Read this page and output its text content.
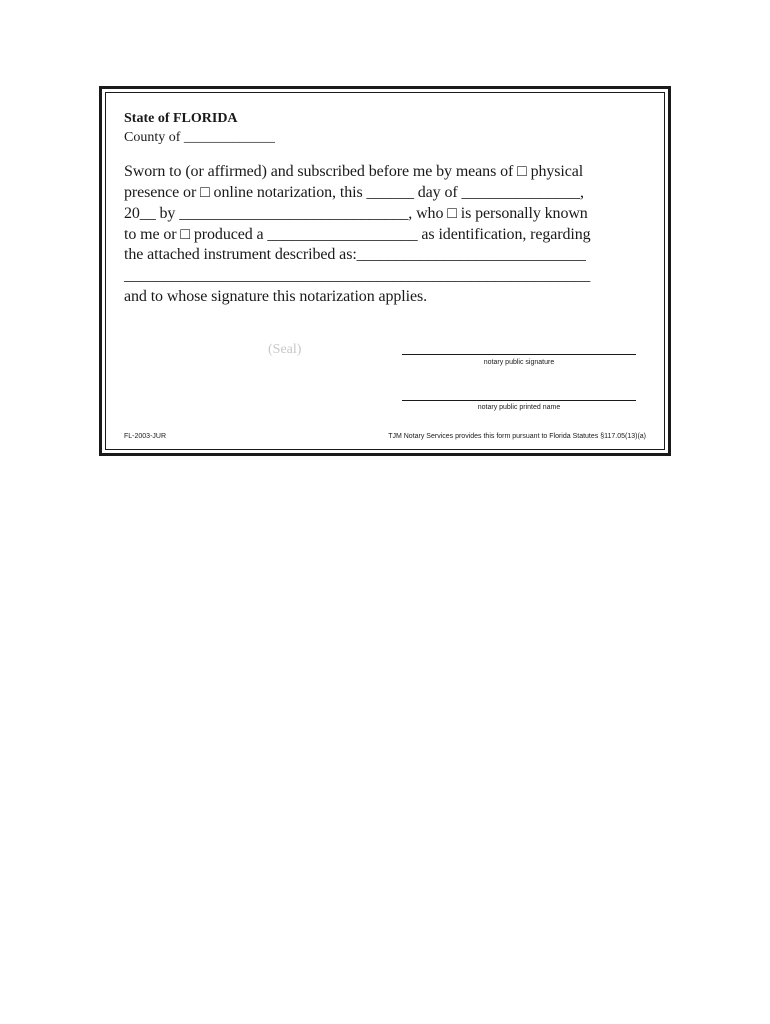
State of FLORIDA
County of _____________
Sworn to (or affirmed) and subscribed before me by means of □ physical
presence or □ online notarization, this ______ day of _______________,
20__ by _____________________________, who □ is personally known
to me or □ produced a ___________________ as identification, regarding
the attached instrument described as:_____________________________
___________________________________________________________
and to whose signature this notarization applies.
(Seal)
notary public signature
notary public printed name
FL-2003-JUR	TJM Notary Services provides this form pursuant to Florida Statutes §117.05(13)(a)
